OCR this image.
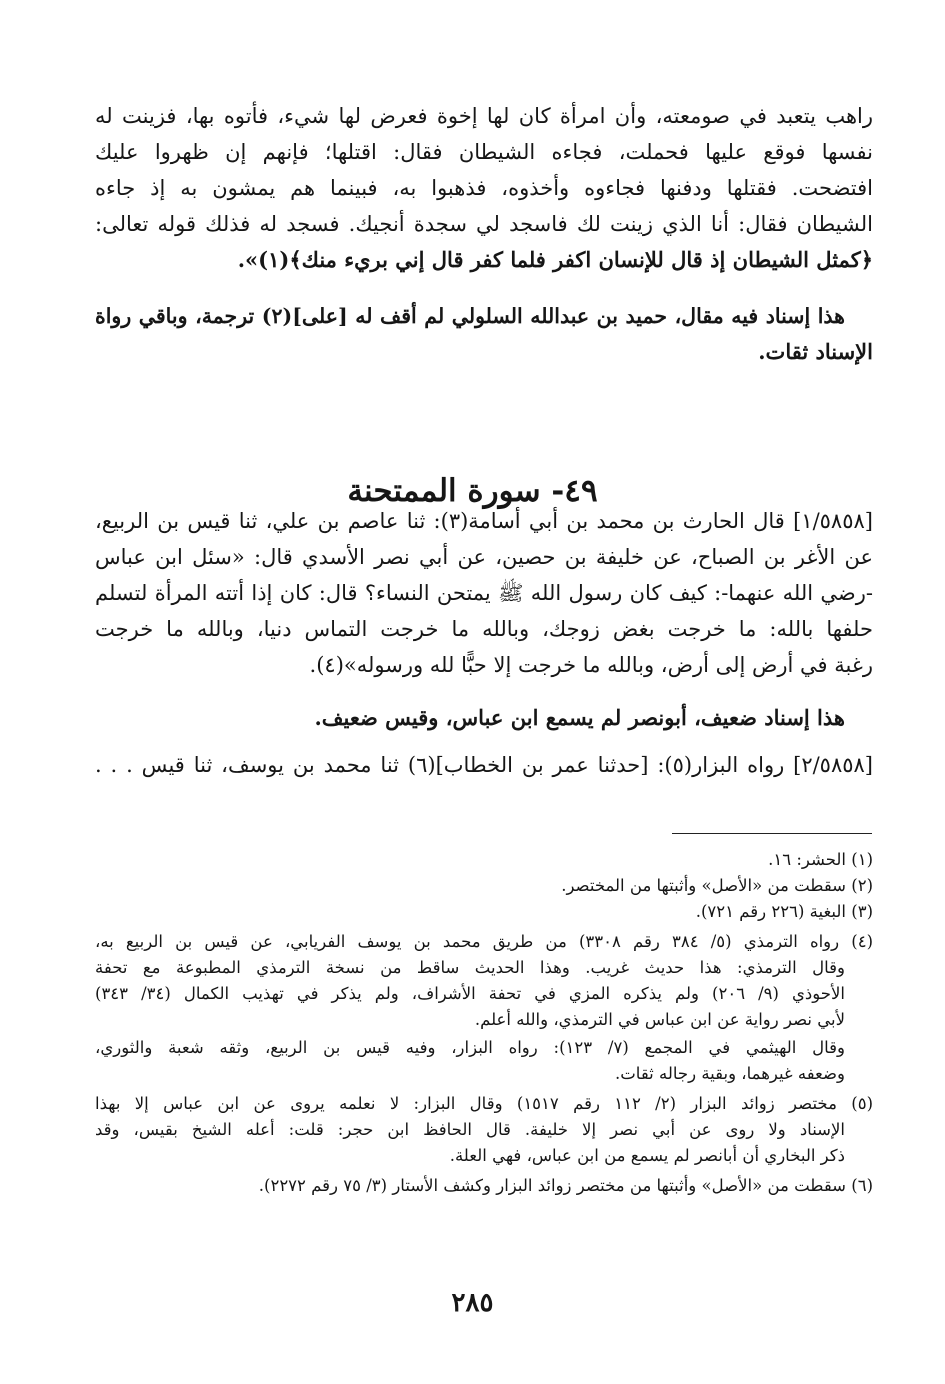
راهب يتعبد في صومعته، وأن امرأة كان لها إخوة فعرض لها شيء، فأتوه بها، فزينت له

نفسها فوقع عليها فحملت، فجاءه الشيطان فقال: اقتلها؛ فإنهم إن ظهروا عليك

افتضحت. فقتلها ودفنها فجاءوه وأخذوه، فذهبوا به، فبينما هم يمشون به إذ جاءه

الشيطان فقال: أنا الذي زينت لك فاسجد لي سجدة أنجيك. فسجد له فذلك قوله تعالى:

﴿كمثل الشيطان إذ قال للإنسان اكفر فلما كفر قال إني بريء منك﴾(١)».

هذا إسناد فيه مقال، حميد بن عبدالله السلولي لم أقف له [على](٢) ترجمة، وباقي رواة

الإسناد ثقات.

٤٩- سورة الممتحنة

[١/٥٨٥٨] قال الحارث بن محمد بن أبي أسامة(٣): ثنا عاصم بن علي، ثنا قيس بن الربيع،

عن الأغر بن الصباح، عن خليفة بن حصين، عن أبي نصر الأسدي قال: «سئل ابن عباس

-رضي الله عنهما-: كيف كان رسول الله ﷺ يمتحن النساء؟ قال: كان إذا أتته المرأة لتسلم

حلفها بالله: ما خرجت بغض زوجك، وبالله ما خرجت التماس دنيا، وبالله ما خرجت

رغبة في أرض إلى أرض، وبالله ما خرجت إلا حبًّا لله ورسوله»(٤).

هذا إسناد ضعيف، أبونصر لم يسمع ابن عباس، وقيس ضعيف.

[٢/٥٨٥٨] رواه البزار(٥): [حدثنا عمر بن الخطاب](٦) ثنا محمد بن يوسف، ثنا قيس . . .

(١) الحشر: ١٦.

(٢) سقطت من «الأصل» وأثبتها من المختصر.

(٣) البغية (٢٢٦ رقم ٧٢١).

(٤) رواه الترمذي (٥/ ٣٨٤ رقم ٣٣٠٨) من طريق محمد بن يوسف الفريابي، عن قيس بن الربيع به،

وقال الترمذي: هذا حديث غريب. وهذا الحديث ساقط من نسخة الترمذي المطبوعة مع تحفة

الأحوذي (٩/ ٢٠٦) ولم يذكره المزي في تحفة الأشراف، ولم يذكر في تهذيب الكمال (٣٤/ ٣٤٣)

لأبي نصر رواية عن ابن عباس في الترمذي، والله أعلم.

وقال الهيثمي في المجمع (٧/ ١٢٣): رواه البزار، وفيه قيس بن الربيع، وثقه شعبة والثوري،

وضعفه غيرهما، وبقية رجاله ثقات.

(٥) مختصر زوائد البزار (٢/ ١١٢ رقم ١٥١٧) وقال البزار: لا نعلمه يروى عن ابن عباس إلا بهذا

الإسناد ولا روى عن أبي نصر إلا خليفة. قال الحافظ ابن حجر: قلت: أعله الشيخ بقيس، وقد

ذكر البخاري أن أبانصر لم يسمع من ابن عباس، فهي العلة.

(٦) سقطت من «الأصل» وأثبتها من مختصر زوائد البزار وكشف الأستار (٣/ ٧٥ رقم ٢٢٧٢).

٢٨٥
